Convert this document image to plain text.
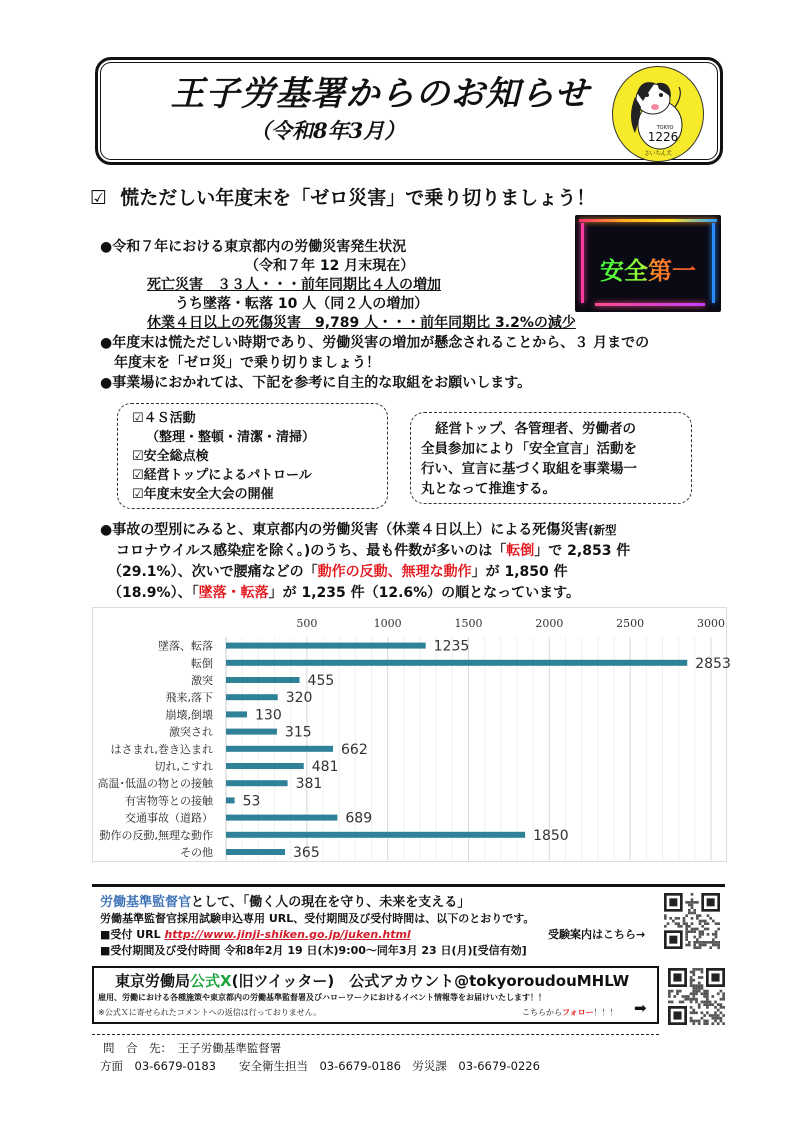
王子労基署からのお知らせ
（令和8年3月）	TOKYO
1226
さいちん犬
☑ 慌ただしい年度末を「ゼロ災害」で乗り切りましょう！
安全第一
●令和７年における東京都内の労働災害発生状況
（令和７年 12 月末現在）
死亡災害　３３人・・・前年同期比４人の増加
うち墜落・転落 10 人（同２人の増加）
休業４日以上の死傷災害　9,789 人・・・前年同期比 3.2%の減少
●年度末は慌ただしい時期であり、労働災害の増加が懸念されることから、３ 月までの
年度末を「ゼロ災」で乗り切りましょう！
●事業場におかれては、下記を参考に自主的な取組をお願いします。
☑４Ｓ活動
（整理・整頓・清潔・清掃）
☑安全総点検
☑経営トップによるパトロール
☑年度末安全大会の開催
経営トップ、各管理者、労働者の
全員参加により「安全宣言」活動を
行い、宣言に基づく取組を事業場一
丸となって推進する。
●事故の型別にみると、東京都内の労働災害（休業４日以上）による死傷災害(新型
コロナウイルス感染症を除く。)のうち、最も件数が多いのは「転倒」で 2,853 件
（29.1%）、次いで腰痛などの「動作の反動、無理な動作」が 1,850 件
（18.9%）、「墜落・転落」が 1,235 件（12.6%）の順となっています。
500	1000	1500	2000	2500	3000
墜落、転落	1235
転倒	2853
激突	455
飛来,落下	320
崩壊,倒壊	130
激突され	315
はさまれ,巻き込まれ	662
切れ,こすれ	481
高温･低温の物との接触	381
有害物等との接触 53
交通事故（道路）	689
動作の反動,無理な動作	1850
その他	365
労働基準監督官として、「働く人の現在を守り、未来を支える」
労働基準監督官採用試験申込専用 URL、受付期間及び受付時間は、以下のとおりです。
■受付 URL http://www.jinji-shiken.go.jp/juken.html	受験案内はこちら→
■受付期間及び受付時間 令和8年2月 19 日(木)9:00～同年3月 23 日(月)[受信有効]
東京労働局公式X(旧ツイッター)　公式アカウント@tokyoroudouMHLW
雇用、労働における各種施策や東京都内の労働基準監督署及びハローワークにおけるイベント情報等をお届けいたします！！
※公式Ｘに寄せられたコメントへの返信は行っておりません。	こちらからフォロー！！！ ➡
問　合　先：　王子労働基準監督署
方面　03-6679-0183　　安全衛生担当　03-6679-0186　労災課　03-6679-0226
